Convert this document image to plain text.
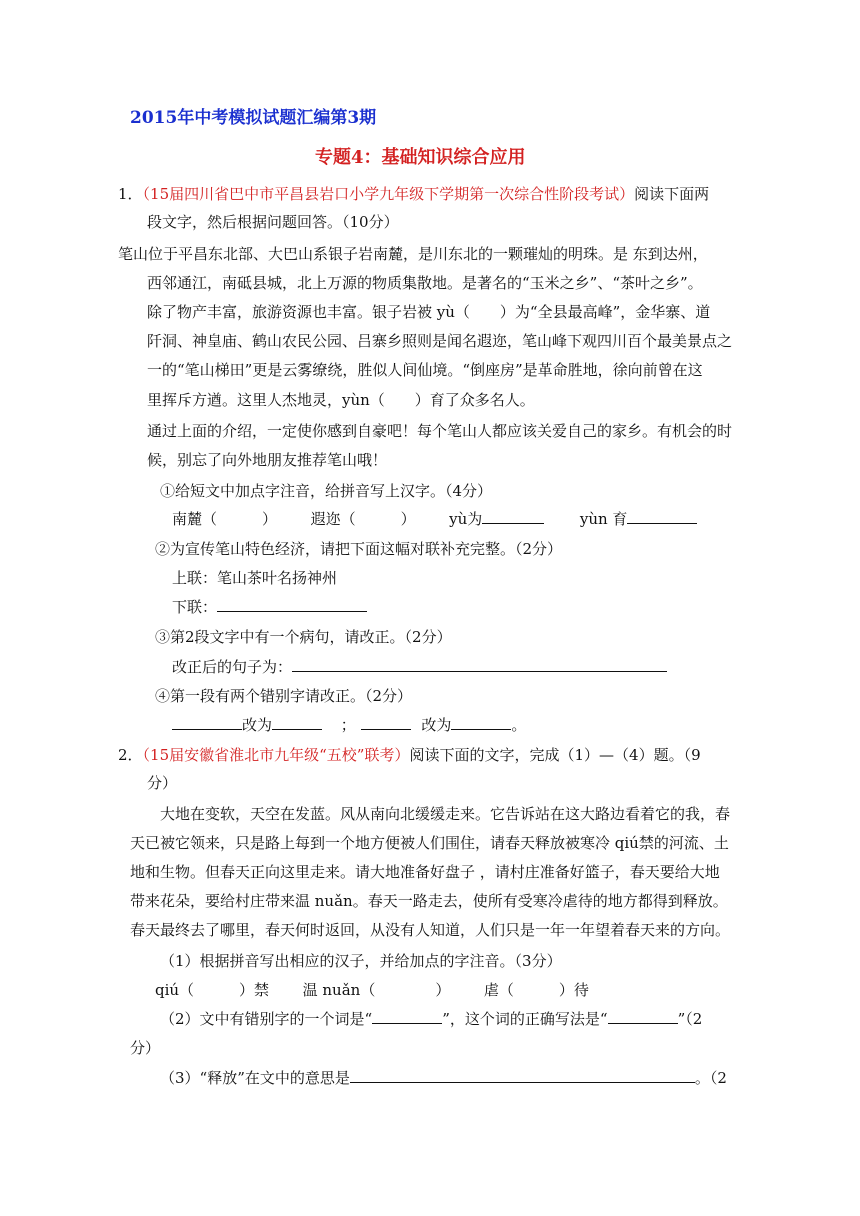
2015年中考模拟试题汇编第3期
专题4：基础知识综合应用
1．（15届四川省巴中市平昌县岩口小学九年级下学期第一次综合性阶段考试）阅读下面两
段文字，然后根据问题回答。（10分）
笔山位于平昌东北部、大巴山系银子岩南麓，是川东北的一颗璀灿的明珠。是 东到达州，
西邻通江，南砥县城，北上万源的物质集散地。是著名的“玉米之乡”、“茶叶之乡”。
除了物产丰富，旅游资源也丰富。银子岩被 yù（　　）为“全县最高峰”，金华寨、道
阡洞、神皇庙、鹤山农民公园、吕寨乡照则是闻名遐迩，笔山峰下观四川百个最美景点之
一的“笔山梯田”更是云雾缭绕，胜似人间仙境。“倒座房”是革命胜地，徐向前曾在这
里挥斥方遒。这里人杰地灵，yùn（　　）育了众多名人。
通过上面的介绍，一定使你感到自豪吧！每个笔山人都应该关爱自己的家乡。有机会的时
候，别忘了向外地朋友推荐笔山哦！
①给短文中加点字注音，给拼音写上汉字。（4分）
南麓（　　　） 遐迩（　　　） yù为	yùn 育
②为宣传笔山特色经济，请把下面这幅对联补充完整。（2分）
上联：笔山茶叶名扬神州
下联：
③第2段文字中有一个病句，请改正。（2分）
改正后的句子为：
④第一段有两个错别字请改正。（2分）
改为	；	改为	。
2．（15届安徽省淮北市九年级“五校”联考）阅读下面的文字，完成（1）—（4）题。（9
分）
大地在变软，天空在发蓝。风从南向北缓缓走来。它告诉站在这大路边看着它的我，春
天已被它领来，只是路上每到一个地方便被人们围住，请春天释放被寒冷 qiú禁的河流、土
地和生物。但春天正向这里走来。请大地准备好盘子 ，请村庄准备好篮子，春天要给大地
带来花朵，要给村庄带来温 nuǎn。春天一路走去，使所有受寒冷虐待的地方都得到释放。
春天最终去了哪里，春天何时返回，从没有人知道，人们只是一年一年望着春天来的方向。
（1）根据拼音写出相应的汉子，并给加点的字注音。（3分）
qiú（　　　）禁 温 nuǎn（　　　　） 虐（　　　）待
（2）文中有错别字的一个词是“	”，这个词的正确写法是“	”（2
分）
（3）“释放”在文中的意思是	。（2
